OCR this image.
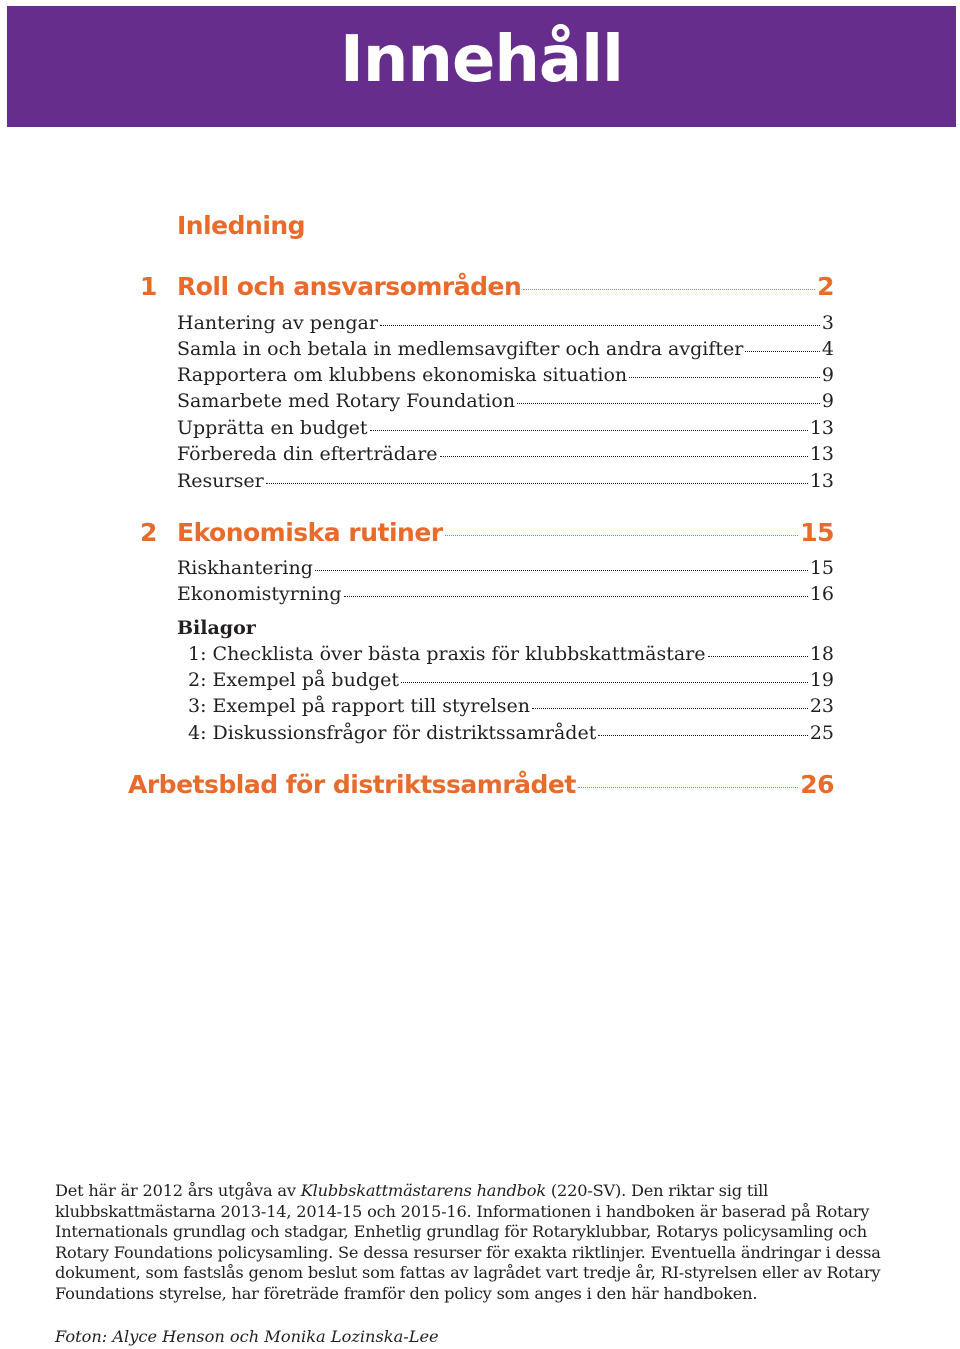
Innehåll
Inledning
1 Roll och ansvarsområden	2
Hantering av pengar	3
Samla in och betala in medlemsavgifter och andra avgifter	4
Rapportera om klubbens ekonomiska situation	9
Samarbete med Rotary Foundation	9
Upprätta en budget	13
Förbereda din efterträdare	13
Resurser	13
2 Ekonomiska rutiner	15
Riskhantering	15
Ekonomistyrning	16
Bilagor
1: Checklista över bästa praxis för klubbskattmästare	18
2: Exempel på budget	19
3: Exempel på rapport till styrelsen	23
4: Diskussionsfrågor för distriktssamrådet	25
Arbetsblad för distriktssamrådet	26
Det här är 2012 års utgåva av Klubbskattmästarens handbok (220-SV). Den riktar sig till klubbskattmästarna 2013-14, 2014-15 och 2015-16. Informationen i handboken är baserad på Rotary Internationals grundlag och stadgar, Enhetlig grundlag för Rotaryklubbar, Rotarys policysamling och Rotary Foundations policysamling. Se dessa resurser för exakta riktlinjer. Eventuella ändringar i dessa dokument, som fastslås genom beslut som fattas av lagrådet vart tredje år, RI-styrelsen eller av Rotary Foundations styrelse, har företräde framför den policy som anges i den här handboken.
Foton: Alyce Henson och Monika Lozinska-Lee
